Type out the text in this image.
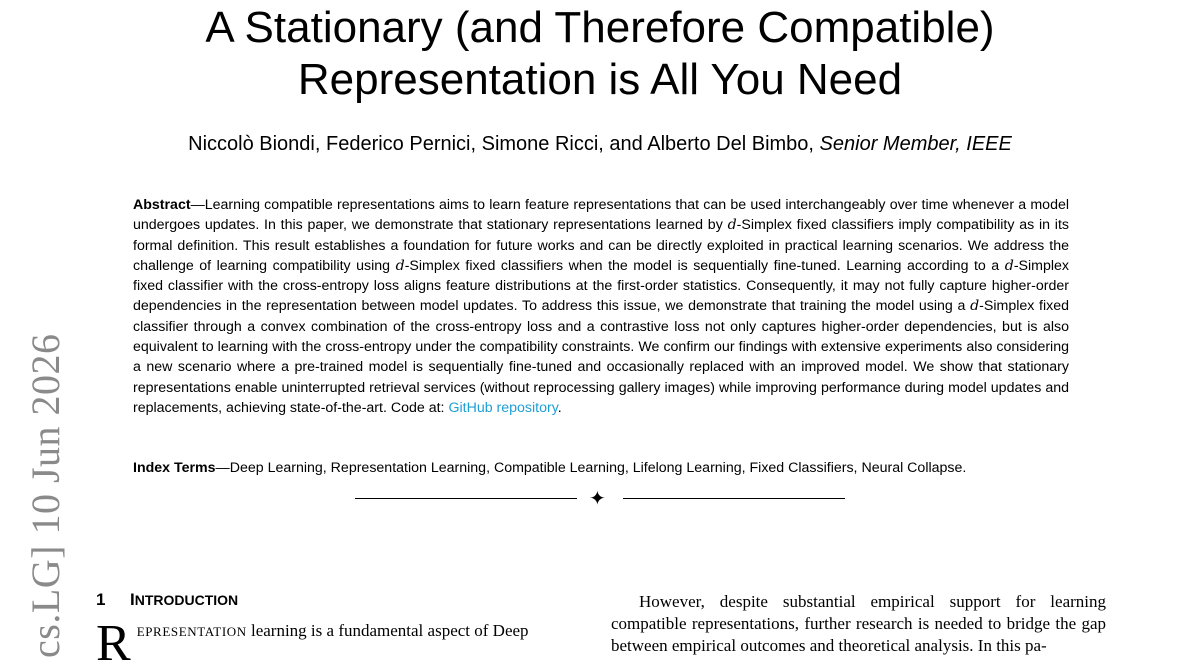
A Stationary (and Therefore Compatible)
Representation is All You Need
Niccolò Biondi, Federico Pernici, Simone Ricci, and Alberto Del Bimbo, Senior Member, IEEE
Abstract—Learning compatible representations aims to learn feature representations that can be used interchangeably over time whenever a model undergoes updates. In this paper, we demonstrate that stationary representations learned by d-Simplex fixed classifiers imply compatibility as in its formal definition. This result establishes a foundation for future works and can be directly exploited in practical learning scenarios. We address the challenge of learning compatibility using d-Simplex fixed classifiers when the model is sequentially fine-tuned. Learning according to a d-Simplex fixed classifier with the cross-entropy loss aligns feature distributions at the first-order statistics. Consequently, it may not fully capture higher-order dependencies in the representation between model updates. To address this issue, we demonstrate that training the model using a d-Simplex fixed classifier through a convex combination of the cross-entropy loss and a contrastive loss not only captures higher-order dependencies, but is also equivalent to learning with the cross-entropy under the compatibility constraints. We confirm our findings with extensive experiments also considering a new scenario where a pre-trained model is sequentially fine-tuned and occasionally replaced with an improved model. We show that stationary representations enable uninterrupted retrieval services (without reprocessing gallery images) while improving performance during model updates and replacements, achieving state-of-the-art. Code at: GitHub repository.
Index Terms—Deep Learning, Representation Learning, Compatible Learning, Lifelong Learning, Fixed Classifiers, Neural Collapse.
✦
cs.LG] 10 Jun 2026 1 INTRODUCTION
REPRESENTATION learning is a fundamental aspect of Deep
However, despite substantial empirical support for learning compatible representations, further research is needed to bridge the gap between empirical outcomes and theoretical analysis. In this pa-
